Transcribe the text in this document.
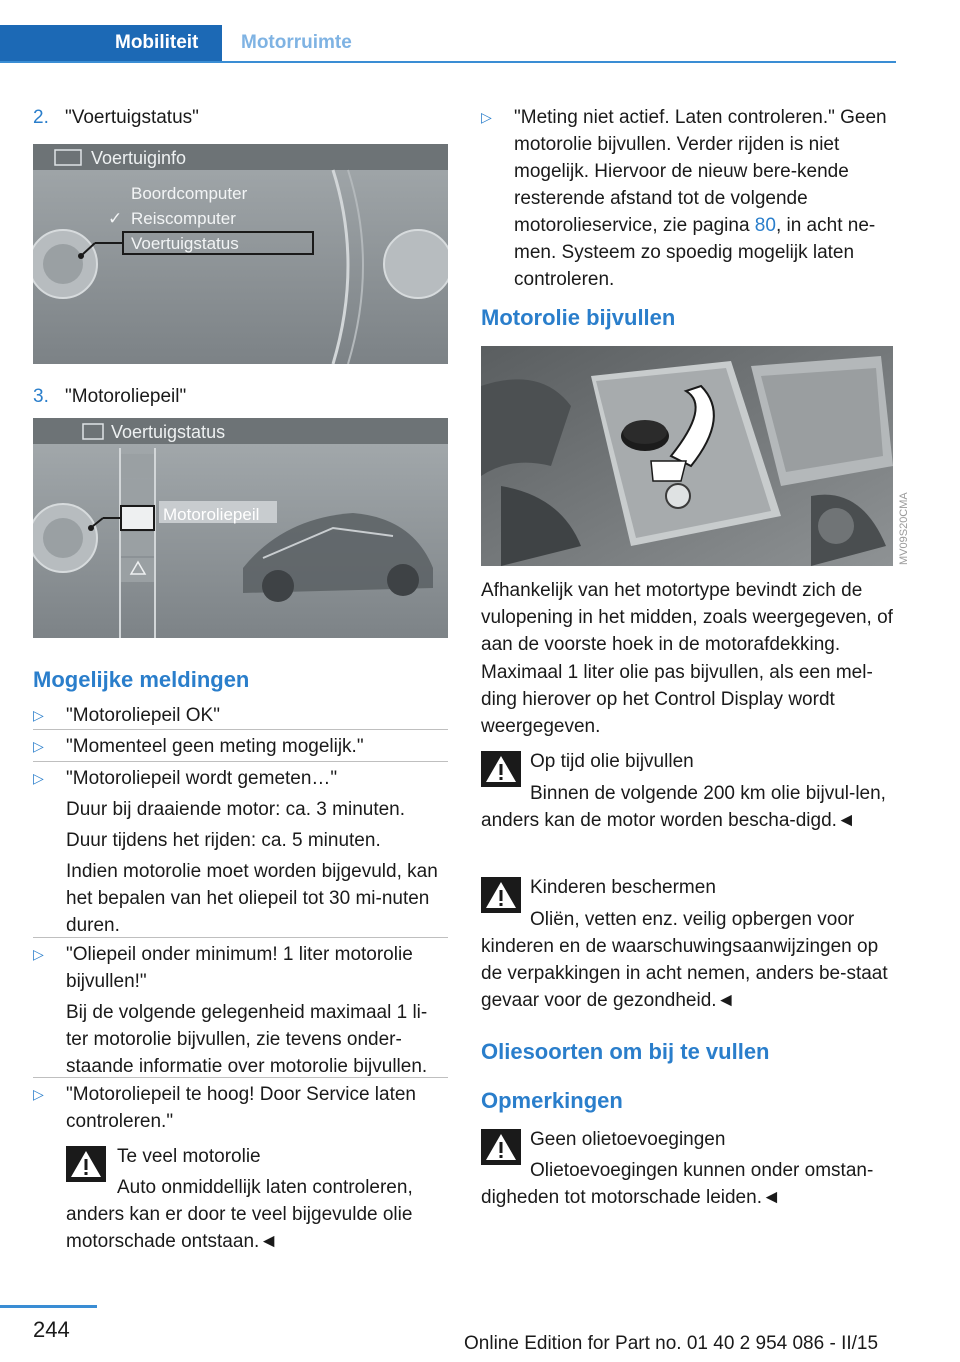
Mobiliteit	Motorruimte
2. "Voertuigstatus"
Voertuiginfo
Boordcomputer
✓ Reiscomputer
Voertuigstatus
3. "Motoroliepeil"
Voertuigstatus
Motoroliepeil
Mogelijke meldingen
▷	"Motoroliepeil OK"
▷	"Momenteel geen meting mogelijk."
▷	"Motoroliepeil wordt gemeten…"
Duur bij draaiende motor: ca. 3 minuten.
Duur tijdens het rijden: ca. 5 minuten.
Indien motorolie moet worden bijgevuld, kan het bepalen van het oliepeil tot 30 mi-nuten duren.
▷	"Oliepeil onder minimum! 1 liter motorolie bijvullen!"
Bij de volgende gelegenheid maximaal 1 li-ter motorolie bijvullen, zie tevens onder-staande informatie over motorolie bijvullen.
▷	"Motoroliepeil te hoog! Door Service laten controleren."
Te veel motorolie
Auto onmiddellijk laten controleren, anders kan er door te veel bijgevulde olie motorschade ontstaan.◄
▷	"Meting niet actief. Laten controleren." Geen motorolie bijvullen. Verder rijden is niet mogelijk. Hiervoor de nieuw bere-kende resterende afstand tot de volgende motorolieservice, zie pagina 80, in acht ne-men. Systeem zo spoedig mogelijk laten controleren.
Motorolie bijvullen
MV09S20CMA
Afhankelijk van het motortype bevindt zich de vulopening in het midden, zoals weergegeven, of aan de voorste hoek in de motorafdekking.
Maximaal 1 liter olie pas bijvullen, als een mel-ding hierover op het Control Display wordt weergegeven.
Op tijd olie bijvullen
Binnen de volgende 200 km olie bijvul-len, anders kan de motor worden bescha-digd.◄
Kinderen beschermen
Oliën, vetten enz. veilig opbergen voor kinderen en de waarschuwingsaanwijzingen op de verpakkingen in acht nemen, anders be-staat gevaar voor de gezondheid.◄
Oliesoorten om bij te vullen
Opmerkingen
Geen olietoevoegingen
Olietoevoegingen kunnen onder omstan-digheden tot motorschade leiden.◄
244
Online Edition for Part no. 01 40 2 954 086 - II/15
